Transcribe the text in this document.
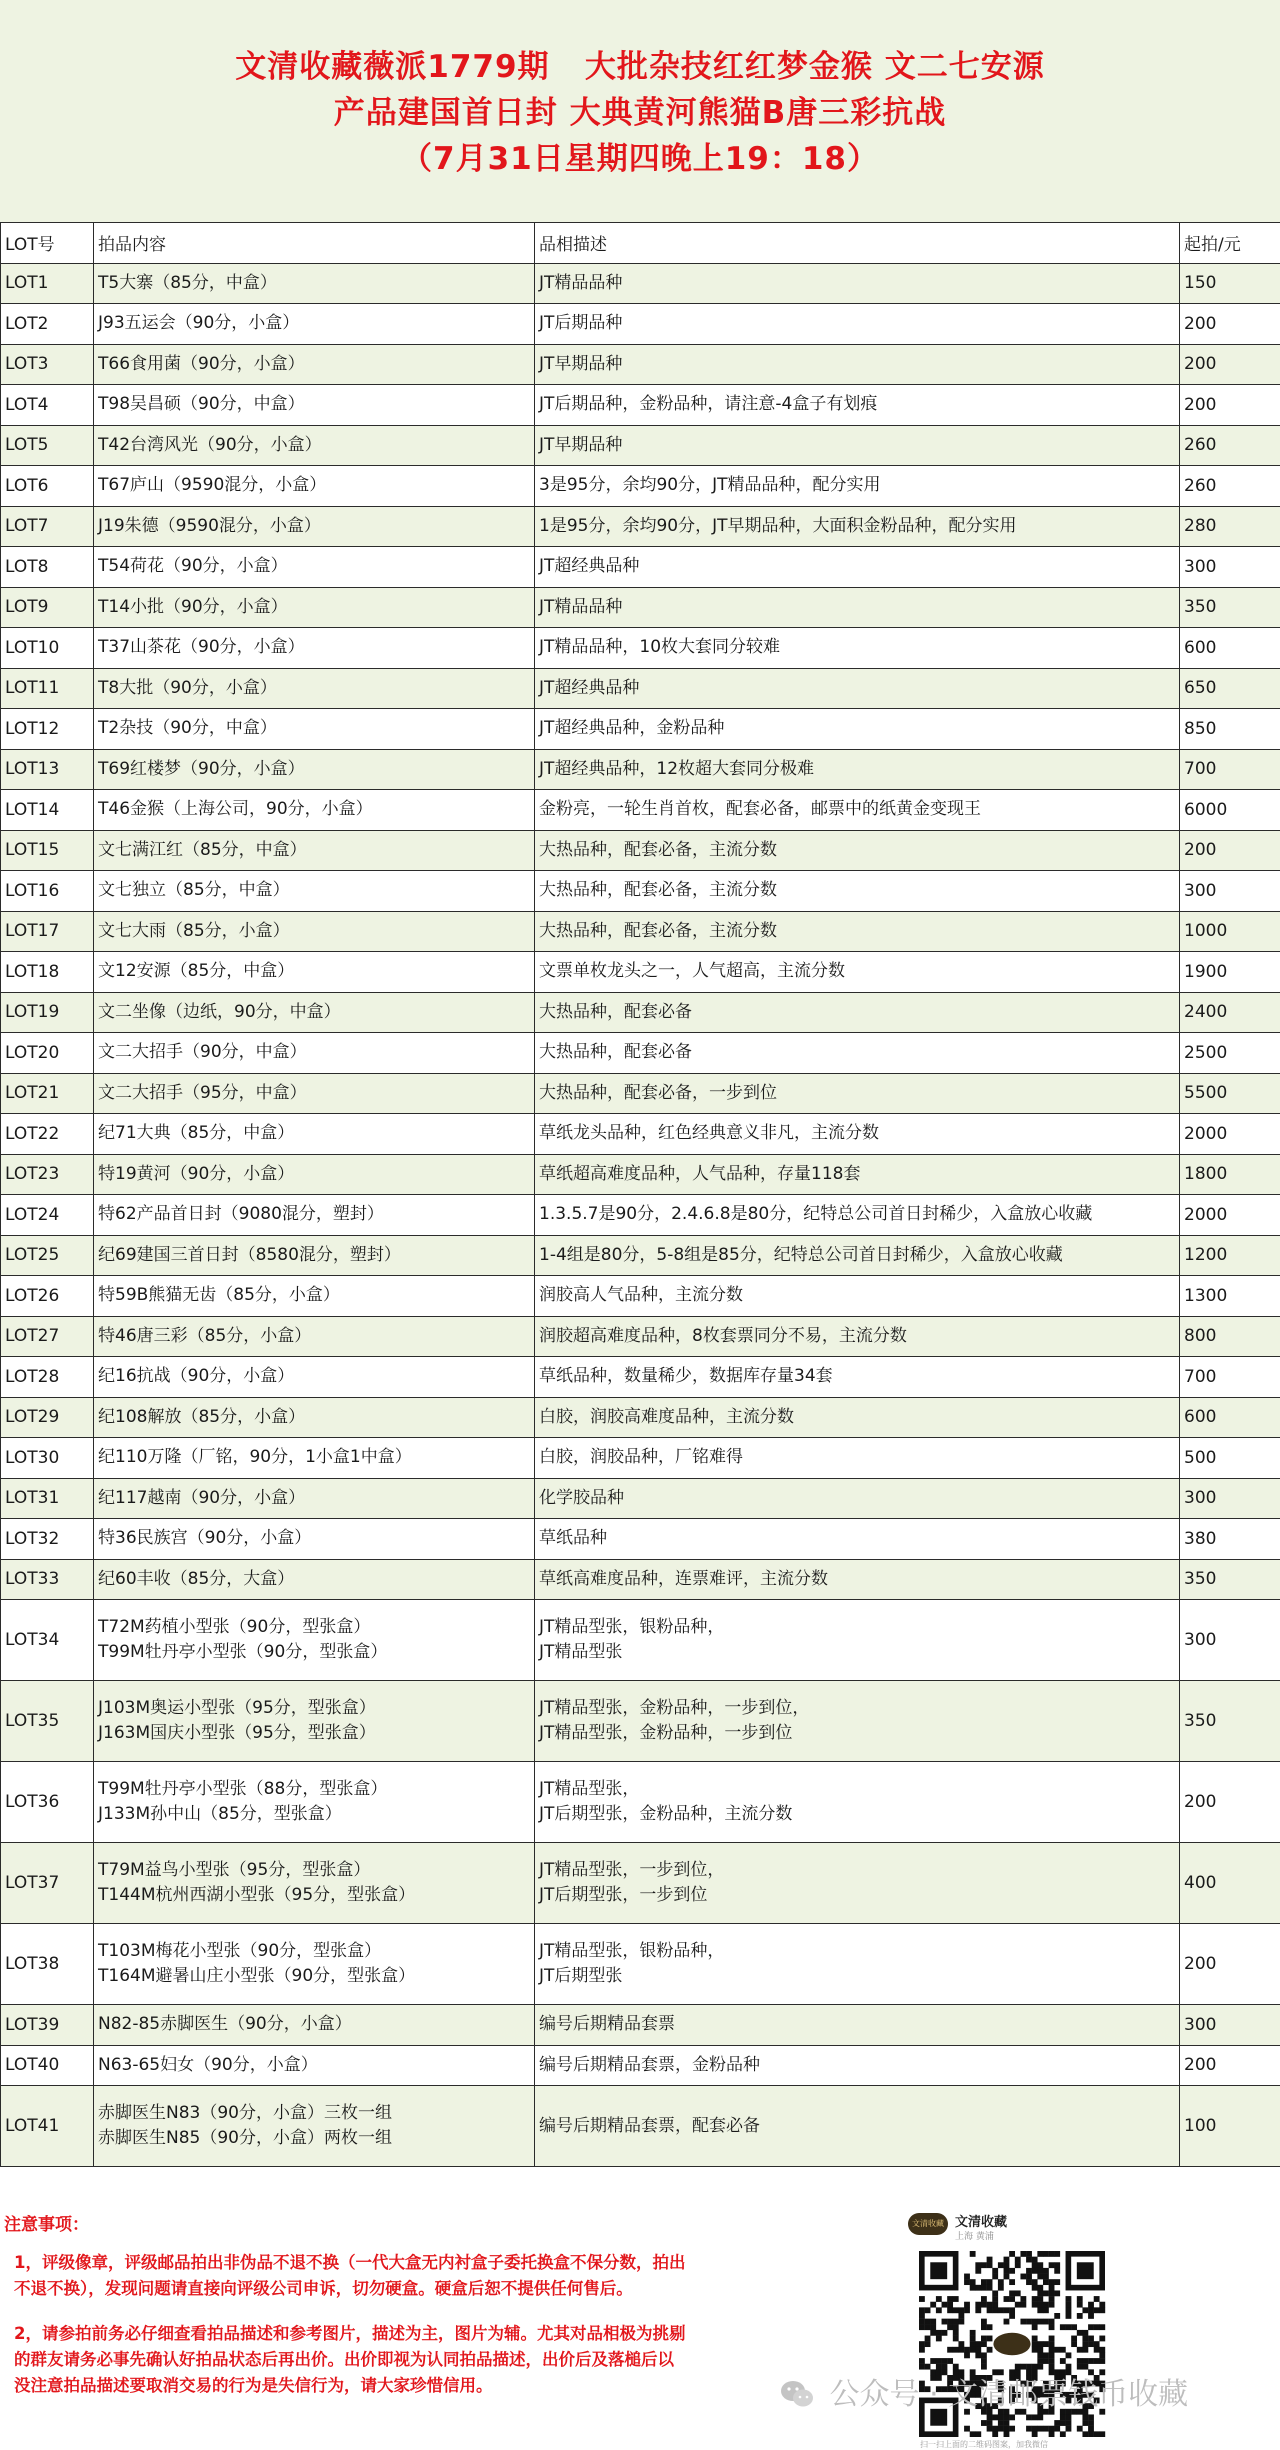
文清收藏薇派1779期   大批杂技红红梦金猴 文二七安源
产品建国首日封 大典黄河熊猫B唐三彩抗战
（7月31日星期四晚上19：18）
LOT号	拍品内容	品相描述	起拍/元
LOT1	T5大寨（85分，中盒）	JT精品品种	150
LOT2	J93五运会（90分，小盒）	JT后期品种	200
LOT3	T66食用菌（90分，小盒）	JT早期品种	200
LOT4	T98吴昌硕（90分，中盒）	JT后期品种，金粉品种，请注意-4盒子有划痕	200
LOT5	T42台湾风光（90分，小盒）	JT早期品种	260
LOT6	T67庐山（9590混分，小盒）	3是95分，余均90分，JT精品品种，配分实用	260
LOT7	J19朱德（9590混分，小盒）	1是95分，余均90分，JT早期品种，大面积金粉品种，配分实用	280
LOT8	T54荷花（90分，小盒）	JT超经典品种	300
LOT9	T14小批（90分，小盒）	JT精品品种	350
LOT10	T37山茶花（90分，小盒）	JT精品品种，10枚大套同分较难	600
LOT11	T8大批（90分，小盒）	JT超经典品种	650
LOT12	T2杂技（90分，中盒）	JT超经典品种，金粉品种	850
LOT13	T69红楼梦（90分，小盒）	JT超经典品种，12枚超大套同分极难	700
LOT14	T46金猴（上海公司，90分，小盒）	金粉亮，一轮生肖首枚，配套必备，邮票中的纸黄金变现王	6000
LOT15	文七满江红（85分，中盒）	大热品种，配套必备，主流分数	200
LOT16	文七独立（85分，中盒）	大热品种，配套必备，主流分数	300
LOT17	文七大雨（85分，小盒）	大热品种，配套必备，主流分数	1000
LOT18	文12安源（85分，中盒）	文票单枚龙头之一，人气超高，主流分数	1900
LOT19	文二坐像（边纸，90分，中盒）	大热品种，配套必备	2400
LOT20	文二大招手（90分，中盒）	大热品种，配套必备	2500
LOT21	文二大招手（95分，中盒）	大热品种，配套必备，一步到位	5500
LOT22	纪71大典（85分，中盒）	草纸龙头品种，红色经典意义非凡，主流分数	2000
LOT23	特19黄河（90分，小盒）	草纸超高难度品种，人气品种，存量118套	1800
LOT24	特62产品首日封（9080混分，塑封）	1.3.5.7是90分，2.4.6.8是80分，纪特总公司首日封稀少，入盒放心收藏	2000
LOT25	纪69建国三首日封（8580混分，塑封）	1-4组是80分，5-8组是85分，纪特总公司首日封稀少，入盒放心收藏	1200
LOT26	特59B熊猫无齿（85分，小盒）	润胶高人气品种，主流分数	1300
LOT27	特46唐三彩（85分，小盒）	润胶超高难度品种，8枚套票同分不易，主流分数	800
LOT28	纪16抗战（90分，小盒）	草纸品种，数量稀少，数据库存量34套	700
LOT29	纪108解放（85分，小盒）	白胶，润胶高难度品种，主流分数	600
LOT30	纪110万隆（厂铭，90分，1小盒1中盒）	白胶，润胶品种，厂铭难得	500
LOT31	纪117越南（90分，小盒）	化学胶品种	300
LOT32	特36民族宫（90分，小盒）	草纸品种	380
LOT33	纪60丰收（85分，大盒）	草纸高难度品种，连票难评，主流分数	350
LOT34	T72M药植小型张（90分，型张盒）
T99M牡丹亭小型张（90分，型张盒）	JT精品型张，银粉品种，
JT精品型张	300
LOT35	J103M奥运小型张（95分，型张盒）
J163M国庆小型张（95分，型张盒）	JT精品型张，金粉品种，一步到位，
JT精品型张，金粉品种，一步到位	350
LOT36	T99M牡丹亭小型张（88分，型张盒）
J133M孙中山（85分，型张盒）	JT精品型张，
JT后期型张，金粉品种，主流分数	200
LOT37	T79M益鸟小型张（95分，型张盒）
T144M杭州西湖小型张（95分，型张盒）	JT精品型张，一步到位，
JT后期型张，一步到位	400
LOT38	T103M梅花小型张（90分，型张盒）
T164M避暑山庄小型张（90分，型张盒）	JT精品型张，银粉品种，
JT后期型张	200
LOT39	N82-85赤脚医生（90分，小盒）	编号后期精品套票	300
LOT40	N63-65妇女（90分，小盒）	编号后期精品套票，金粉品种	200
LOT41	赤脚医生N83（90分，小盒）三枚一组
赤脚医生N85（90分，小盒）两枚一组	编号后期精品套票，配套必备	100
注意事项：
1，评级像章，评级邮品拍出非伪品不退不换（一代大盒无内衬盒子委托换盒不保分数，拍出
不退不换），发现问题请直接向评级公司申诉，切勿硬盒。硬盒后恕不提供任何售后。
2，请参拍前务必仔细查看拍品描述和参考图片，描述为主，图片为辅。尤其对品相极为挑剔
的群友请务必事先确认好拍品状态后再出价。出价即视为认同拍品描述，出价后及落槌后以
没注意拍品描述要取消交易的行为是失信行为，请大家珍惜信用。
文清收藏 文清收藏
上海 黄浦
扫一扫上面的二维码图案，加我微信
公众号 · 文清邮票钱币收藏
